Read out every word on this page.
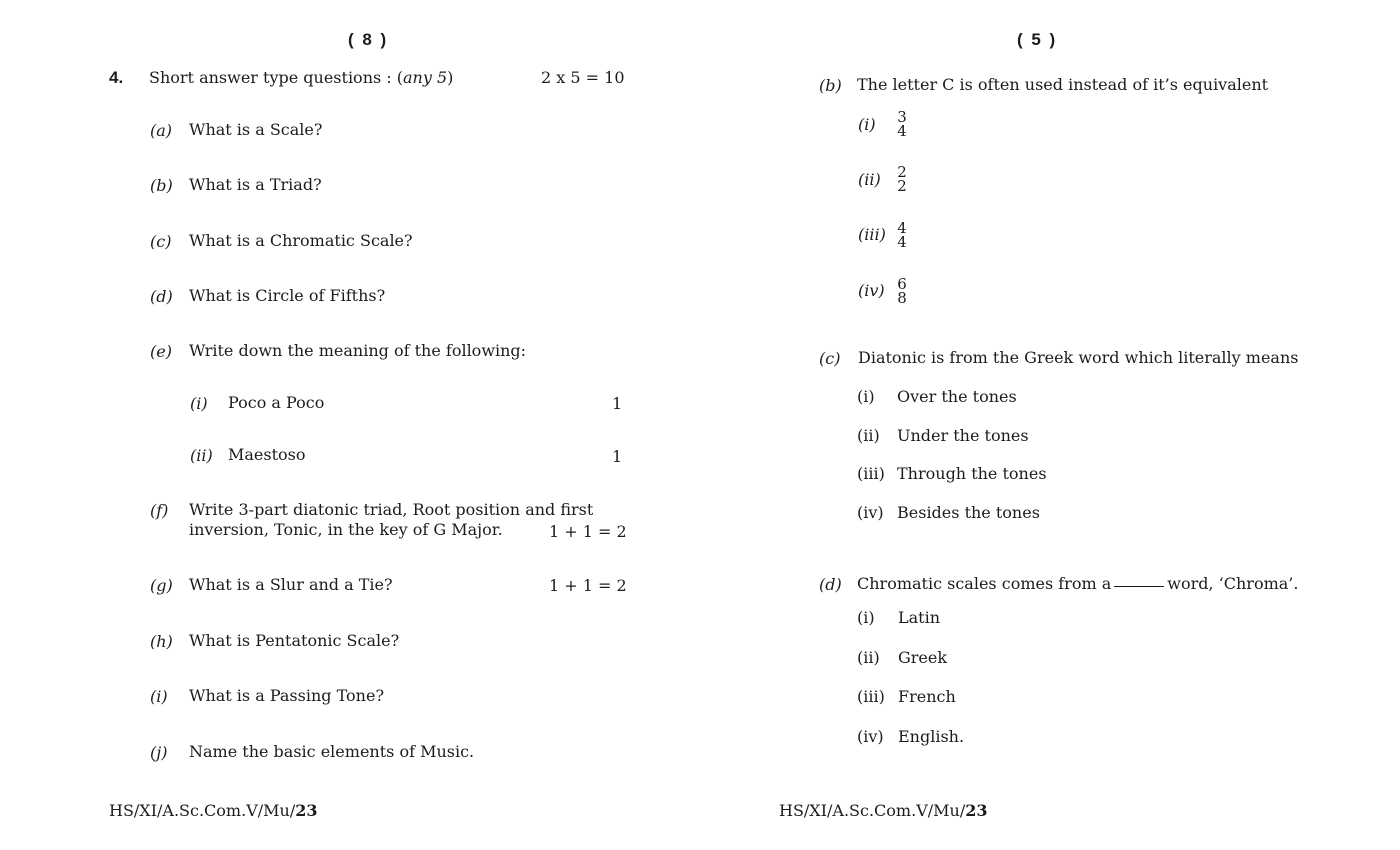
( 8 )
4. Short answer type questions : (any 5)	2 x 5 = 10
(a) What is a Scale?
(b) What is a Triad?
(c) What is a Chromatic Scale?
(d) What is Circle of Fifths?
(e) Write down the meaning of the following:
(i) Poco a Poco	1
(ii) Maestoso	1
(f) Write 3-part diatonic triad, Root position and first
inversion, Tonic, in the key of G Major.	1 + 1 = 2
(g) What is a Slur and a Tie?	1 + 1 = 2
(h) What is Pentatonic Scale?
(i) What is a Passing Tone?
(j) Name the basic elements of Music.
HS/XI/A.Sc.Com.V/Mu/23
( 5 )
(b) The letter C is often used instead of it’s equivalent
(i) 3
4
(ii) 2
2
(iii) 4
4
(iv) 6
8
(c) Diatonic is from the Greek word which literally means
(i) Over the tones
(ii) Under the tones
(iii) Through the tones
(iv) Besides the tones
(d) Chromatic scales comes from a	word, ‘Chroma’.
(i) Latin
(ii) Greek
(iii) French
(iv) English.
HS/XI/A.Sc.Com.V/Mu/23
